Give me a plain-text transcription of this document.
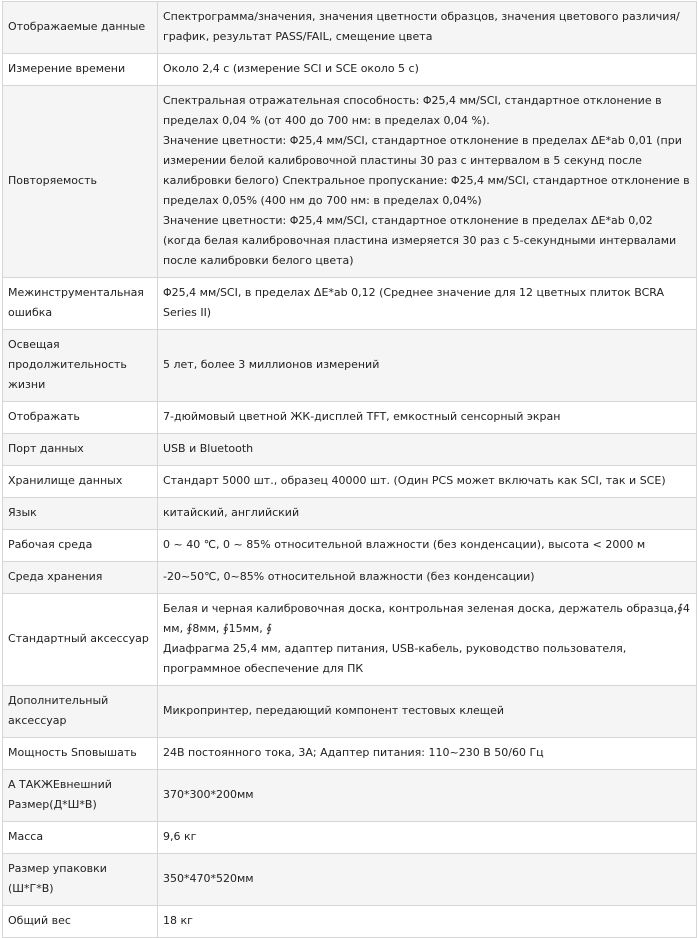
Отображаемые данные	Спектрограмма/значения, значения цветности образцов, значения цветового различия/график, результат PASS/FAIL, смещение цвета

Измерение времени	Около 2,4 с (измерение SCI и SCE около 5 с)

Повторяемость	Спектральная отражательная способность: Φ25,4 мм/SCI, стандартное отклонение в пределах 0,04 % (от 400 до 700 нм: в пределах 0,04 %).
Значение цветности: Φ25,4 мм/SCI, стандартное отклонение в пределах ΔE*ab 0,01 (при измерении белой калибровочной пластины 30 раз с интервалом в 5 секунд после калибровки белого) Спектральное пропускание: Φ25,4 мм/SCI, стандартное отклонение в пределах 0,05% (400 нм до 700 нм: в пределах 0,04%)
Значение цветности: Φ25,4 мм/SCI, стандартное отклонение в пределах ΔE*ab 0,02 (когда белая калибровочная пластина измеряется 30 раз с 5-секундными интервалами после калибровки белого цвета)

Межинструментальная ошибка	Φ25,4 мм/SCI, в пределах ΔE*ab 0,12 (Среднее значение для 12 цветных плиток BCRA Series II)

Освещая продолжительность жизни	5 лет, более 3 миллионов измерений

Отображать	7-дюймовый цветной ЖК-дисплей TFT, емкостный сенсорный экран

Порт данных	USB и Bluetooth

Хранилище данных	Стандарт 5000 шт., образец 40000 шт. (Один PCS может включать как SCI, так и SCE)

Язык	китайский, английский

Рабочая среда	0 ~ 40 ℃, 0 ~ 85% относительной влажности (без конденсации), высота < 2000 м

Среда хранения	-20~50℃, 0~85% относительной влажности (без конденсации)

Стандартный аксессуар	Белая и черная калибровочная доска, контрольная зеленая доска, держатель образца,∮4 мм, ∮8мм, ∮15мм, ∮
Диафрагма 25,4 мм, адаптер питания, USB-кабель, руководство пользователя, программное обеспечение для ПК

Дополнительный аксессуар	Микропринтер, передающий компонент тестовых клещей

Мощность Sповышать	24В постоянного тока, 3А; Адаптер питания: 110~230 В 50/60 Гц

A ТАКЖЕвнешний Размер(Д*Ш*В)	370*300*200мм

Масса	9,6 кг

Размер упаковки (Ш*Г*В)	350*470*520мм

Общий вес	18 кг
